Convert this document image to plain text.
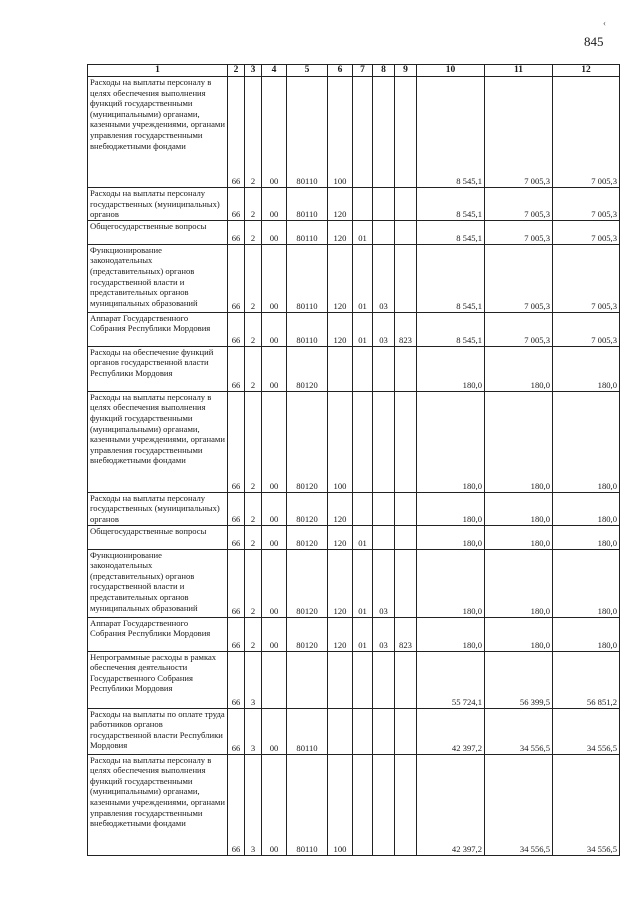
‹
845
1	2	3	4	5	6	7	8	9	10	11	12
Расходы на выплаты персоналу в целях обеспечения выполнения функций государственными (муниципальными) органами, казенными учреждениями, органами управления государственными внебюджетными фондами	66	2	00	80110	100				8 545,1	7 005,3	7 005,3
Расходы на выплаты персоналу государственных (муниципальных) органов	66	2	00	80110	120				8 545,1	7 005,3	7 005,3
Общегосударственные вопросы	66	2	00	80110	120	01			8 545,1	7 005,3	7 005,3
Функционирование законодательных (представительных) органов государственной власти и представительных органов муниципальных образований	66	2	00	80110	120	01	03		8 545,1	7 005,3	7 005,3
Аппарат Государственного Собрания Республики Мордовия	66	2	00	80110	120	01	03	823	8 545,1	7 005,3	7 005,3
Расходы на обеспечение функций органов государственной власти Республики Мордовия	66	2	00	80120					180,0	180,0	180,0
Расходы на выплаты персоналу в целях обеспечения выполнения функций государственными (муниципальными) органами, казенными учреждениями, органами управления государственными внебюджетными фондами	66	2	00	80120	100				180,0	180,0	180,0
Расходы на выплаты персоналу государственных (муниципальных) органов	66	2	00	80120	120				180,0	180,0	180,0
Общегосударственные вопросы	66	2	00	80120	120	01			180,0	180,0	180,0
Функционирование законодательных (представительных) органов государственной власти и представительных органов муниципальных образований	66	2	00	80120	120	01	03		180,0	180,0	180,0
Аппарат Государственного Собрания Республики Мордовия	66	2	00	80120	120	01	03	823	180,0	180,0	180,0
Непрограммные расходы в рамках обеспечения деятельности Государственного Собрания Республики Мордовия	66	3							55 724,1	56 399,5	56 851,2
Расходы на выплаты по оплате труда работников органов государственной власти Республики Мордовия	66	3	00	80110					42 397,2	34 556,5	34 556,5
Расходы на выплаты персоналу в целях обеспечения выполнения функций государственными (муниципальными) органами, казенными учреждениями, органами управления государственными внебюджетными фондами	66	3	00	80110	100				42 397,2	34 556,5	34 556,5
